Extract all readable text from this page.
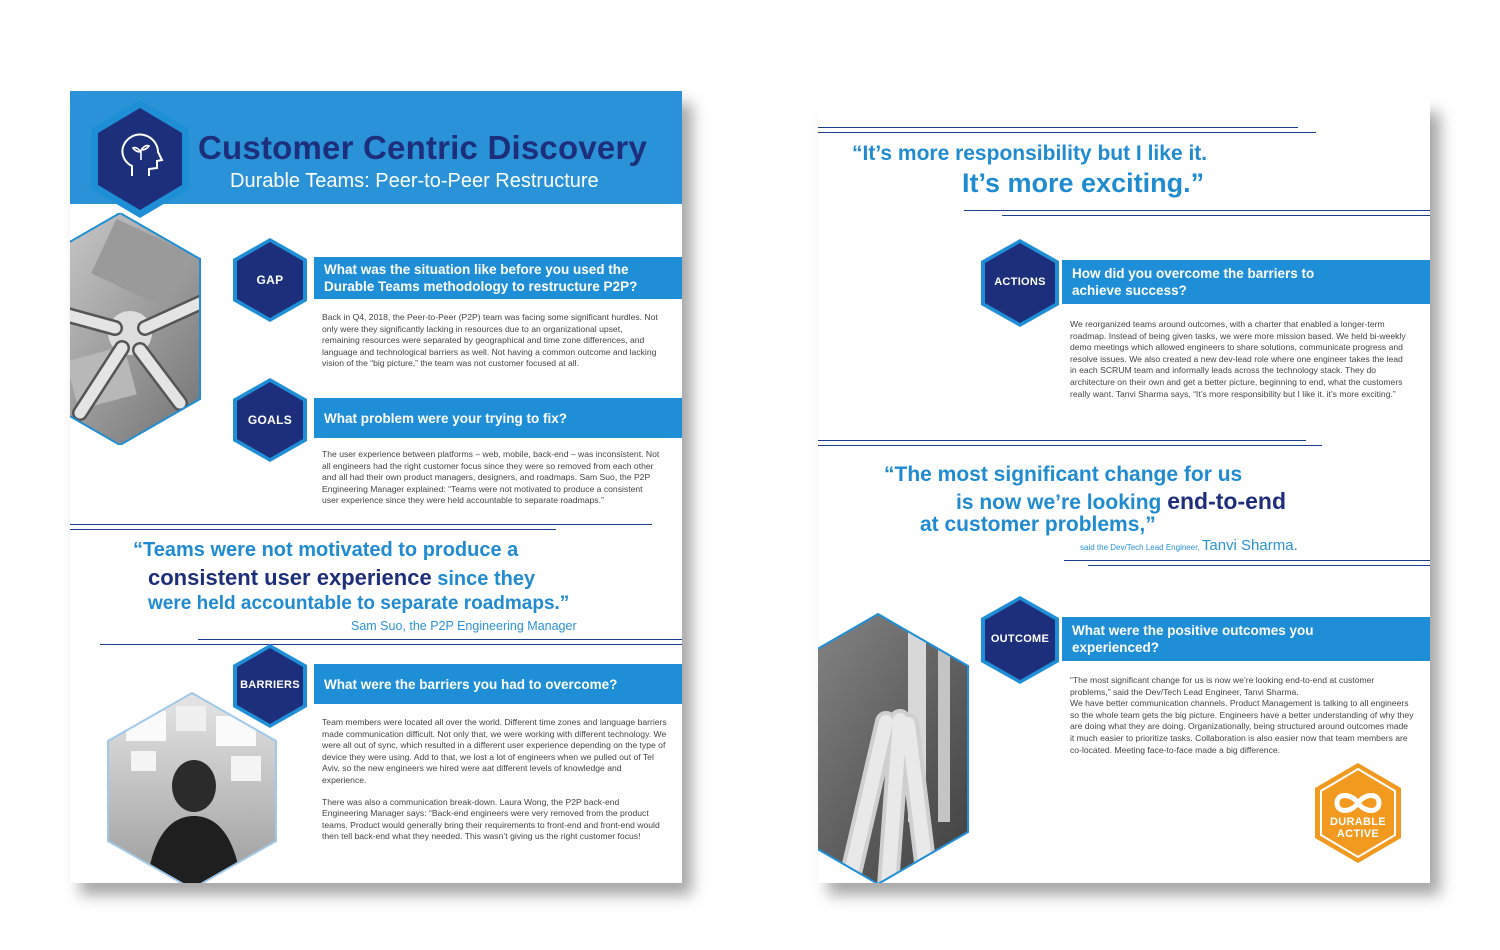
Customer Centric Discovery
Durable Teams: Peer-to-Peer Restructure
What was the situation like before you used the Durable Teams methodology to restructure P2P?
GAP

Back in Q4, 2018, the Peer-to-Peer (P2P) team was facing some significant hurdles. Not only were they significantly lacking in resources due to an organizational upset, remaining resources were separated by geographical and time zone differences, and language and technological barriers as well. Not having a common outcome and lacking vision of the “big picture,” the team was not customer focused at all.

What problem were your trying to fix?
GOALS

The user experience between platforms – web, mobile, back-end – was inconsistent. Not all engineers had the right customer focus since they were so removed from each other and all had their own product managers, designers, and roadmaps. Sam Suo, the P2P Engineering Manager explained: “Teams were not motivated to produce a consistent user experience since they were held accountable to separate roadmaps.”

“Teams were not motivated to produce a
consistent user experience since they
were held accountable to separate roadmaps.”
Sam Suo, the P2P Engineering Manager
What were the barriers you had to overcome?
BARRIERS

Team members were located all over the world. Different time zones and language barriers made communication difficult. Not only that, we were working with different technology. We were all out of sync, which resulted in a different user experience depending on the type of device they were using. Add to that, we lost a lot of engineers when we pulled out of Tel Aviv, so the new engineers we hired were aat different levels of knowledge and experience.

There was also a communication break-down. Laura Wong, the P2P back-end Engineering Manager says: “Back-end engineers were very removed from the product teams. Product would generally bring their requirements to front-end and front-end would then tell back-end what they needed. This wasn’t giving us the right customer focus!

“It’s more responsibility but I like it.
It’s more exciting.”
How did you overcome the barriers to achieve success?
ACTIONS

We reorganized teams around outcomes, with a charter that enabled a longer-term roadmap. Instead of being given tasks, we were more mission based. We held bi-weekly demo meetings which allowed engineers to share solutions, communicate progress and resolve issues. We also created a new dev-lead role where one engineer takes the lead in each SCRUM team and informally leads across the technology stack. They do architecture on their own and get a better picture, beginning to end, what the customers really want. Tanvi Sharma says, “It’s more responsibility but I like it. it’s more exciting.”

“The most significant change for us
is now we’re looking end-to-end
at customer problems,”
said the Dev/Tech Lead Engineer, Tanvi Sharma.
What were the positive outcomes you experienced?
OUTCOME

“The most significant change for us is now we’re looking end-to-end at customer problems,” said the Dev/Tech Lead Engineer, Tanvi Sharma.

We have better communication channels. Product Management is talking to all engineers so the whole team gets the big picture. Engineers have a better understanding of why they are doing what they are doing. Organizationally, being structured around outcomes made it much easier to prioritize tasks. Collaboration is also easier now that team members are co-located. Meeting face-to-face made a big difference.

DURABLE
ACTIVE
